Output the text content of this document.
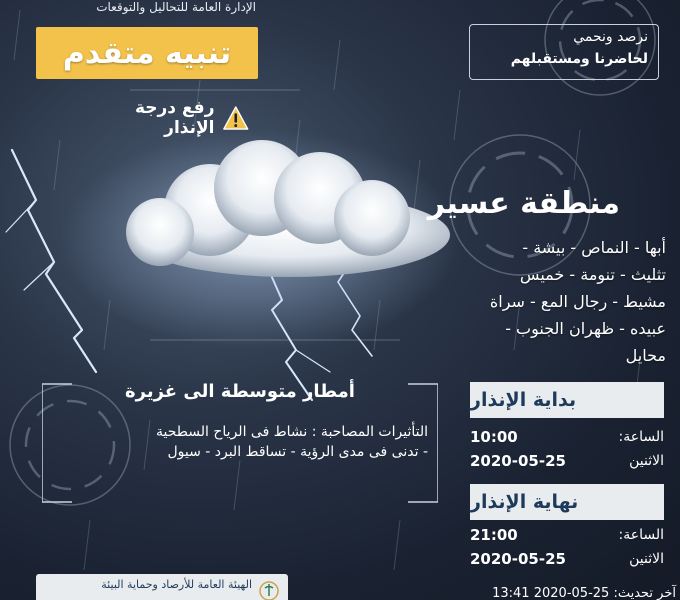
الإدارة العامة للتحاليل والتوقعات
تنبيه متقدم
رفع درجة الإنذار
نرصد ونحمي
لحاضرنا ومستقبلهم
منطقة عسير
أبها - النماص - بيشة -
تثليث - تنومة - خميس
مشيط - رجال المع - سراة
عبيده - ظهران الجنوب -
محايل
أمطار متوسطة الى غزيرة
التأثيرات المصاحبة : نشاط فى الرياح السطحية
- تدنى فى مدى الرؤية - تساقط البرد - سيول
بداية الإنذار
10:00	الساعة:
2020-05-25	الاثنين
نهاية الإنذار
21:00	الساعة:
2020-05-25	الاثنين
الهيئة العامة للأرصاد وحماية البيئة
آخر تحديث: 25-05-2020 13:41
